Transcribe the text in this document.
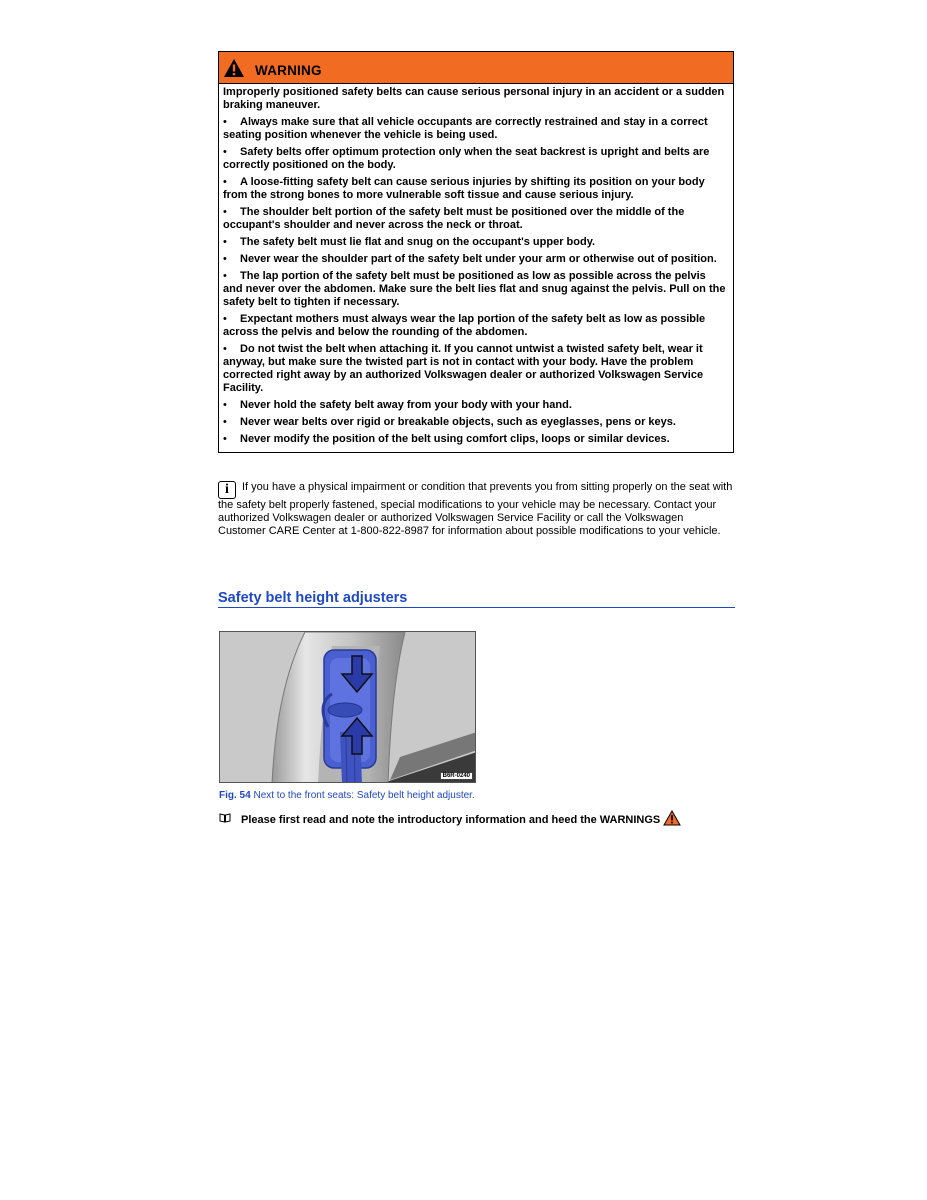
WARNING

Improperly positioned safety belts can cause serious personal injury in an accident or a sudden braking maneuver.

• Always make sure that all vehicle occupants are correctly restrained and stay in a correct seating position whenever the vehicle is being used.

• Safety belts offer optimum protection only when the seat backrest is upright and belts are correctly positioned on the body.

• A loose-fitting safety belt can cause serious injuries by shifting its position on your body from the strong bones to more vulnerable soft tissue and cause serious injury.

• The shoulder belt portion of the safety belt must be positioned over the middle of the occupant's shoulder and never across the neck or throat.

• The safety belt must lie flat and snug on the occupant's upper body.

• Never wear the shoulder part of the safety belt under your arm or otherwise out of position.

• The lap portion of the safety belt must be positioned as low as possible across the pelvis and never over the abdomen. Make sure the belt lies flat and snug against the pelvis. Pull on the safety belt to tighten if necessary.

• Expectant mothers must always wear the lap portion of the safety belt as low as possible across the pelvis and below the rounding of the abdomen.

• Do not twist the belt when attaching it. If you cannot untwist a twisted safety belt, wear it anyway, but make sure the twisted part is not in contact with your body. Have the problem corrected right away by an authorized Volkswagen dealer or authorized Volkswagen Service Facility.

• Never hold the safety belt away from your body with your hand.

• Never wear belts over rigid or breakable objects, such as eyeglasses, pens or keys.

• Never modify the position of the belt using comfort clips, loops or similar devices.

i If you have a physical impairment or condition that prevents you from sitting properly on the seat with the safety belt properly fastened, special modifications to your vehicle may be necessary. Contact your authorized Volkswagen dealer or authorized Volkswagen Service Facility or call the Volkswagen Customer CARE Center at 1-800-822-8987 for information about possible modifications to your vehicle.
Safety belt height adjusters
B6R-0240
Fig. 54 Next to the front seats: Safety belt height adjuster.
Please first read and note the introductory information and heed the WARNINGS
